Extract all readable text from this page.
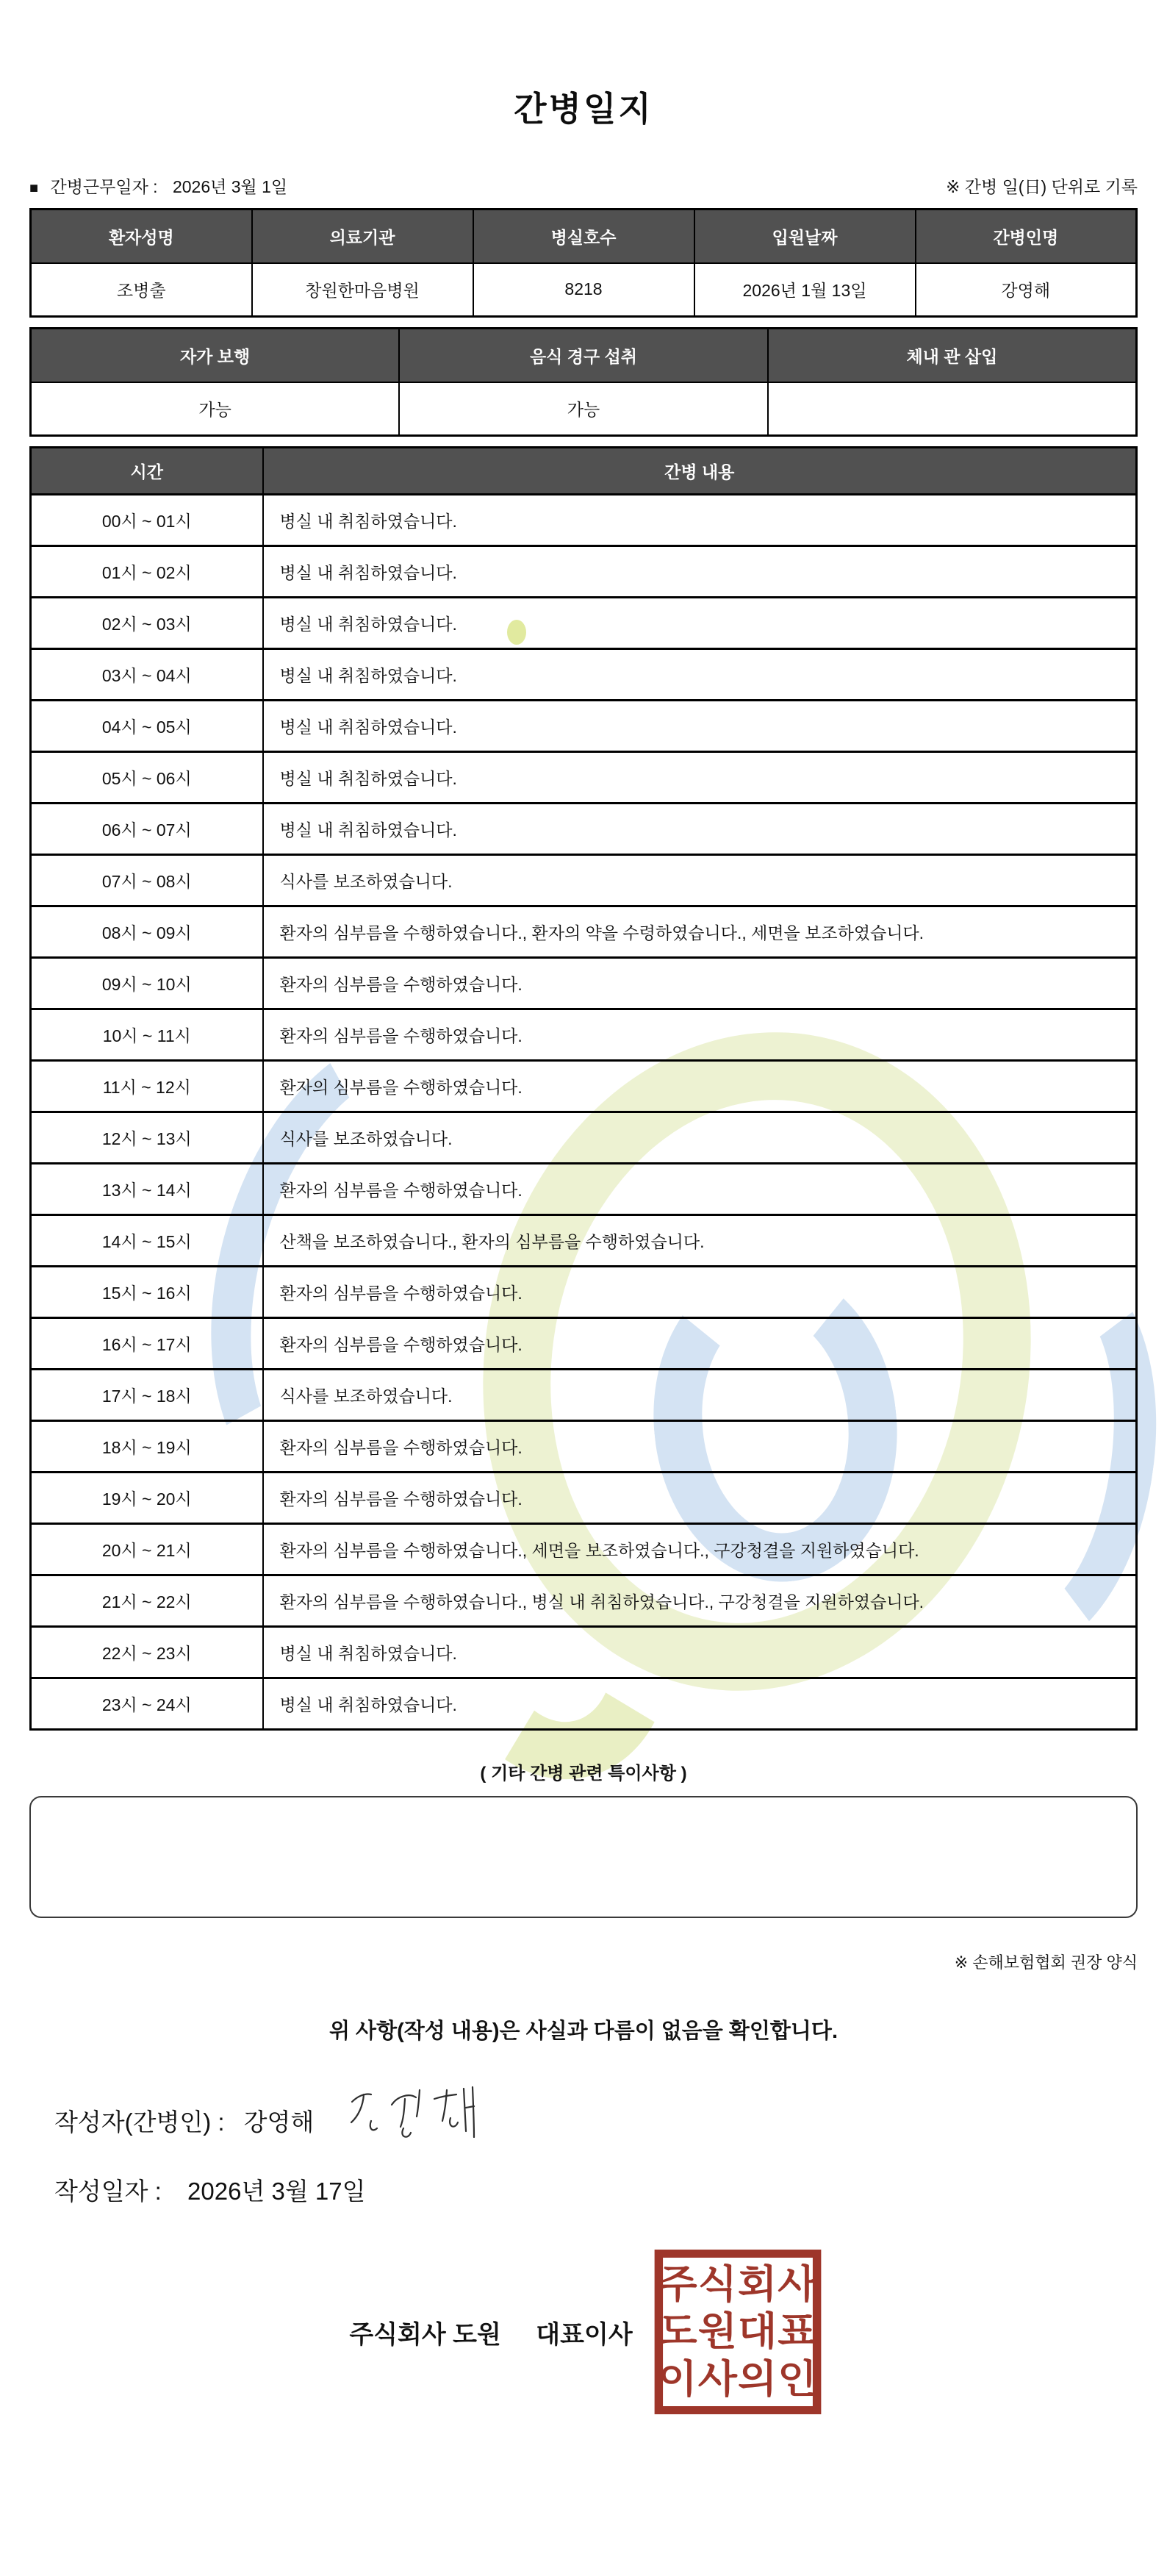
간병일지
■ 간병근무일자 : 2026년 3월 1일	※ 간병 일(日) 단위로 기록
환자성명	의료기관	병실호수	입원날짜	간병인명
조병출	창원한마음병원	8218	2026년 1월 13일	강영해
자가 보행	음식 경구 섭취	체내 관 삽입
가능	가능	
시간	간병 내용
00시 ~ 01시	병실 내 취침하였습니다.
01시 ~ 02시	병실 내 취침하였습니다.
02시 ~ 03시	병실 내 취침하였습니다.
03시 ~ 04시	병실 내 취침하였습니다.
04시 ~ 05시	병실 내 취침하였습니다.
05시 ~ 06시	병실 내 취침하였습니다.
06시 ~ 07시	병실 내 취침하였습니다.
07시 ~ 08시	식사를 보조하였습니다.
08시 ~ 09시	환자의 심부름을 수행하였습니다., 환자의 약을 수령하였습니다., 세면을 보조하였습니다.
09시 ~ 10시	환자의 심부름을 수행하였습니다.
10시 ~ 11시	환자의 심부름을 수행하였습니다.
11시 ~ 12시	환자의 심부름을 수행하였습니다.
12시 ~ 13시	식사를 보조하였습니다.
13시 ~ 14시	환자의 심부름을 수행하였습니다.
14시 ~ 15시	산책을 보조하였습니다., 환자의 심부름을 수행하였습니다.
15시 ~ 16시	환자의 심부름을 수행하였습니다.
16시 ~ 17시	환자의 심부름을 수행하였습니다.
17시 ~ 18시	식사를 보조하였습니다.
18시 ~ 19시	환자의 심부름을 수행하였습니다.
19시 ~ 20시	환자의 심부름을 수행하였습니다.
20시 ~ 21시	환자의 심부름을 수행하였습니다., 세면을 보조하였습니다., 구강청결을 지원하였습니다.
21시 ~ 22시	환자의 심부름을 수행하였습니다., 병실 내 취침하였습니다., 구강청결을 지원하였습니다.
22시 ~ 23시	병실 내 취침하였습니다.
23시 ~ 24시	병실 내 취침하였습니다.
( 기타 간병 관련 특이사항 )
※ 손해보험협회 권장 양식
위 사항(작성 내용)은 사실과 다름이 없음을 확인합니다.
작성자(간병인) : 강영해
작성일자 : 2026년 3월 17일
주식회사 도원 대표이사
주식회사
도원대표
이사의인
